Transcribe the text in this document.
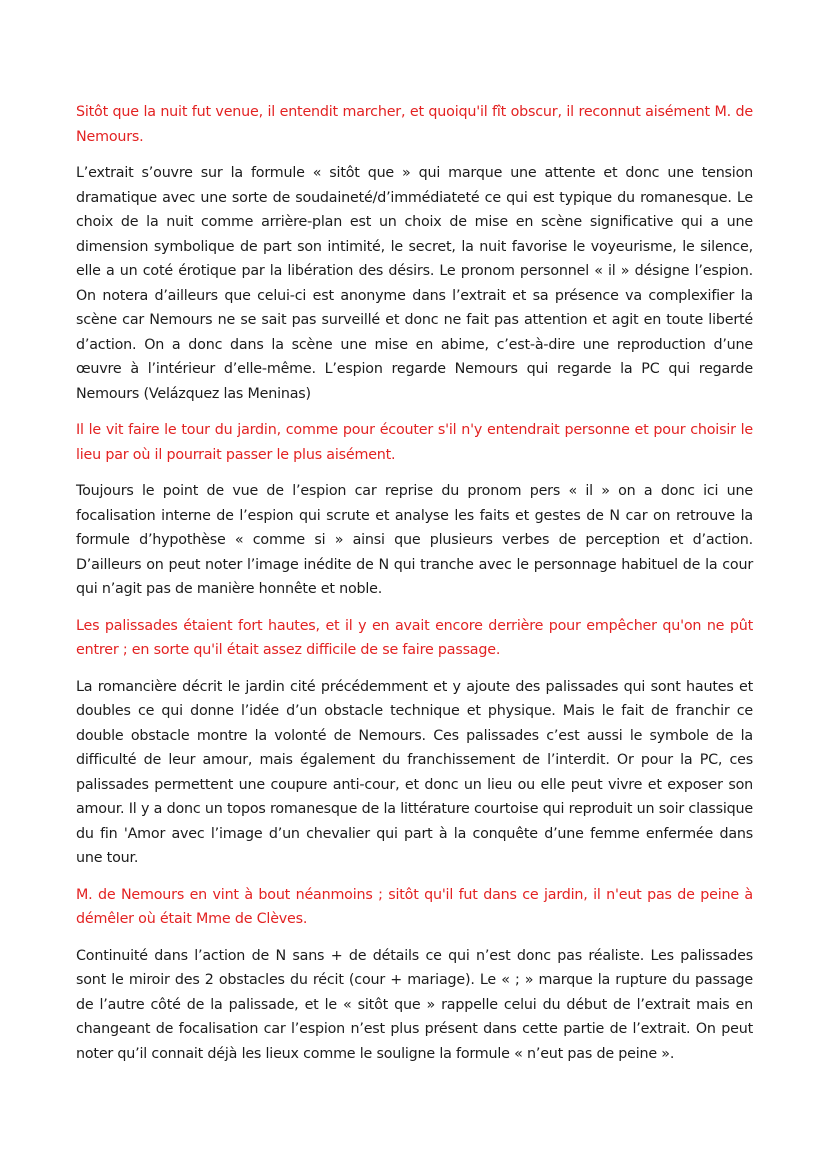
Sitôt que la nuit fut venue, il entendit marcher, et quoiqu'il fît obscur, il reconnut aisément M. de Nemours.

L’extrait s’ouvre sur la formule « sitôt que » qui marque une attente et donc une tension dramatique avec une sorte de soudaineté/d’immédiateté ce qui est typique du romanesque. Le choix de la nuit comme arrière-plan est un choix de mise en scène significative qui a une dimension symbolique de part son intimité, le secret, la nuit favorise le voyeurisme, le silence, elle a un coté érotique par la libération des désirs. Le pronom personnel « il » désigne l’espion. On notera d’ailleurs que celui-ci est anonyme dans l’extrait et sa présence va complexifier la scène car Nemours ne se sait pas surveillé et donc ne fait pas attention et agit en toute liberté d’action. On a donc dans la scène une mise en abime, c’est-à-dire une reproduction d’une œuvre à l’intérieur d’elle-même. L’espion regarde Nemours qui regarde la PC qui regarde Nemours (Velázquez las Meninas)

Il le vit faire le tour du jardin, comme pour écouter s'il n'y entendrait personne et pour choisir le lieu par où il pourrait passer le plus aisément.

Toujours le point de vue de l’espion car reprise du pronom pers « il » on a donc ici une focalisation interne de l’espion qui scrute et analyse les faits et gestes de N car on retrouve la formule d’hypothèse « comme si » ainsi que plusieurs verbes de perception et d’action. D’ailleurs on peut noter l’image inédite de N qui tranche avec le personnage habituel de la cour qui n’agit pas de manière honnête et noble.

Les palissades étaient fort hautes, et il y en avait encore derrière pour empêcher qu'on ne pût entrer ; en sorte qu'il était assez difficile de se faire passage.

La romancière décrit le jardin cité précédemment et y ajoute des palissades qui sont hautes et doubles ce qui donne l’idée d’un obstacle technique et physique. Mais le fait de franchir ce double obstacle montre la volonté de Nemours. Ces palissades c’est aussi le symbole de la difficulté de leur amour, mais également du franchissement de l’interdit. Or pour la PC, ces palissades permettent une coupure anti-cour, et donc un lieu ou elle peut vivre et exposer son amour. Il y a donc un topos romanesque de la littérature courtoise qui reproduit un soir classique du fin 'Amor avec l’image d’un chevalier qui part à la conquête d’une femme enfermée dans une tour.

M. de Nemours en vint à bout néanmoins ; sitôt qu'il fut dans ce jardin, il n'eut pas de peine à démêler où était Mme de Clèves.

Continuité dans l’action de N sans + de détails ce qui n’est donc pas réaliste. Les palissades sont le miroir des 2 obstacles du récit (cour + mariage). Le « ; » marque la rupture du passage de l’autre côté de la palissade, et le « sitôt que » rappelle celui du début de l’extrait mais en changeant de focalisation car l’espion n’est plus présent dans cette partie de l’extrait. On peut noter qu’il connait déjà les lieux comme le souligne la formule « n’eut pas de peine ».
